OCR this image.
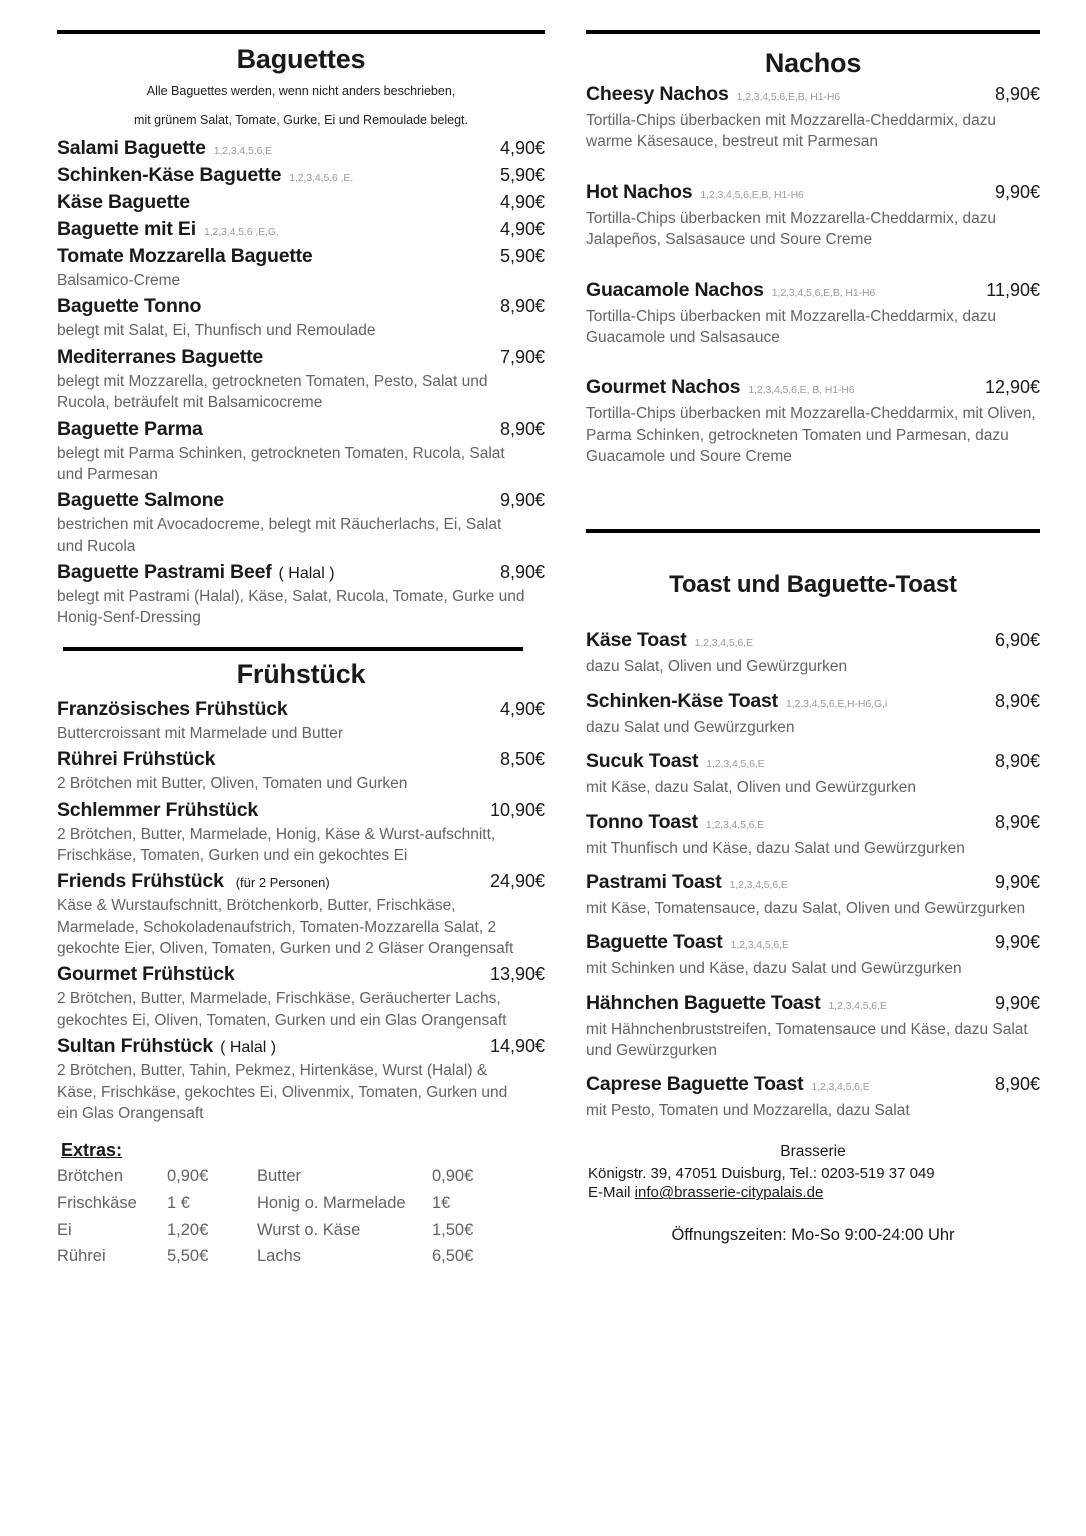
Baguettes
Alle Baguettes werden, wenn nicht anders beschrieben,
mit grünem Salat, Tomate, Gurke, Ei und Remoulade belegt.
Salami Baguette 1,2,3,4,5,6,E	4,90€
Schinken-Käse Baguette 1,2,3,4,5,6 ,E.	5,90€
Käse Baguette	4,90€
Baguette mit Ei 1,2,3,4,5,6 ,E,G,	4,90€
Tomate Mozzarella Baguette	5,90€
Balsamico-Creme
Baguette Tonno	8,90€
belegt mit Salat, Ei, Thunfisch und Remoulade
Mediterranes Baguette	7,90€
belegt mit Mozzarella, getrockneten Tomaten, Pesto, Salat und Rucola, beträufelt mit Balsamicocreme
Baguette Parma	8,90€
belegt mit Parma Schinken, getrockneten Tomaten, Rucola, Salat und Parmesan
Baguette Salmone	9,90€
bestrichen mit Avocadocreme, belegt mit Räucherlachs, Ei, Salat und Rucola
Baguette Pastrami Beef ( Halal )	8,90€
belegt mit Pastrami (Halal), Käse, Salat, Rucola, Tomate, Gurke und Honig-Senf-Dressing
Frühstück
Französisches Frühstück	4,90€
Buttercroissant mit Marmelade und Butter
Rührei Frühstück	8,50€
2 Brötchen mit Butter, Oliven, Tomaten und Gurken
Schlemmer Frühstück	10,90€
2 Brötchen, Butter, Marmelade, Honig, Käse & Wurst-aufschnitt, Frischkäse, Tomaten, Gurken und ein gekochtes Ei
Friends Frühstück (für 2 Personen)	24,90€
Käse & Wurstaufschnitt, Brötchenkorb, Butter, Frischkäse, Marmelade, Schokoladenaufstrich, Tomaten-Mozzarella Salat, 2 gekochte Eier, Oliven, Tomaten, Gurken und 2 Gläser Orangensaft
Gourmet Frühstück	13,90€
2 Brötchen, Butter, Marmelade, Frischkäse, Geräucherter Lachs, gekochtes Ei, Oliven, Tomaten, Gurken und ein Glas Orangensaft
Sultan Frühstück ( Halal )	14,90€
2 Brötchen, Butter, Tahin, Pekmez, Hirtenkäse, Wurst (Halal) & Käse, Frischkäse, gekochtes Ei, Olivenmix, Tomaten, Gurken und ein Glas Orangensaft
Extras:
Brötchen	0,90€	Butter	0,90€
Frischkäse	1 €	Honig o. Marmelade	1€
Ei	1,20€	Wurst o. Käse	1,50€
Rührei	5,50€	Lachs	6,50€
Nachos
Cheesy Nachos 1,2,3,4,5,6,E,B, H1-H6	8,90€
Tortilla-Chips überbacken mit Mozzarella-Cheddarmix, dazu warme Käsesauce, bestreut mit Parmesan
Hot Nachos 1,2,3,4,5,6,E,B, H1-H6	9,90€
Tortilla-Chips überbacken mit Mozzarella-Cheddarmix, dazu Jalapeños, Salsasauce und Soure Creme
Guacamole Nachos 1,2,3,4,5,6,E,B, H1-H6	11,90€
Tortilla-Chips überbacken mit Mozzarella-Cheddarmix, dazu Guacamole und Salsasauce
Gourmet Nachos 1,2,3,4,5,6,E, B, H1-H6	12,90€
Tortilla-Chips überbacken mit Mozzarella-Cheddarmix, mit Oliven, Parma Schinken, getrockneten Tomaten und Parmesan, dazu Guacamole und Soure Creme
Toast und Baguette-Toast
Käse Toast 1,2,3,4,5,6,E	6,90€
dazu Salat, Oliven und Gewürzgurken
Schinken-Käse Toast 1,2,3,4,5,6,E,H-H6,G,i	8,90€
dazu Salat und Gewürzgurken
Sucuk Toast 1,2,3,4,5,6,E	8,90€
mit Käse, dazu Salat, Oliven und Gewürzgurken
Tonno Toast 1,2,3,4,5,6,E	8,90€
mit Thunfisch und Käse, dazu Salat und Gewürzgurken
Pastrami Toast 1,2,3,4,5,6,E	9,90€
mit Käse, Tomatensauce, dazu Salat, Oliven und Gewürzgurken
Baguette Toast 1,2,3,4,5,6,E	9,90€
mit Schinken und Käse, dazu Salat und Gewürzgurken
Hähnchen Baguette Toast 1,2,3,4,5,6,E	9,90€
mit Hähnchenbruststreifen, Tomatensauce und Käse, dazu Salat und Gewürzgurken
Caprese Baguette Toast 1,2,3,4,5,6,E	8,90€
mit Pesto, Tomaten und Mozzarella, dazu Salat
Brasserie
Königstr. 39, 47051 Duisburg, Tel.: 0203-519 37 049
E-Mail info@brasserie-citypalais.de
Öffnungszeiten: Mo-So 9:00-24:00 Uhr
